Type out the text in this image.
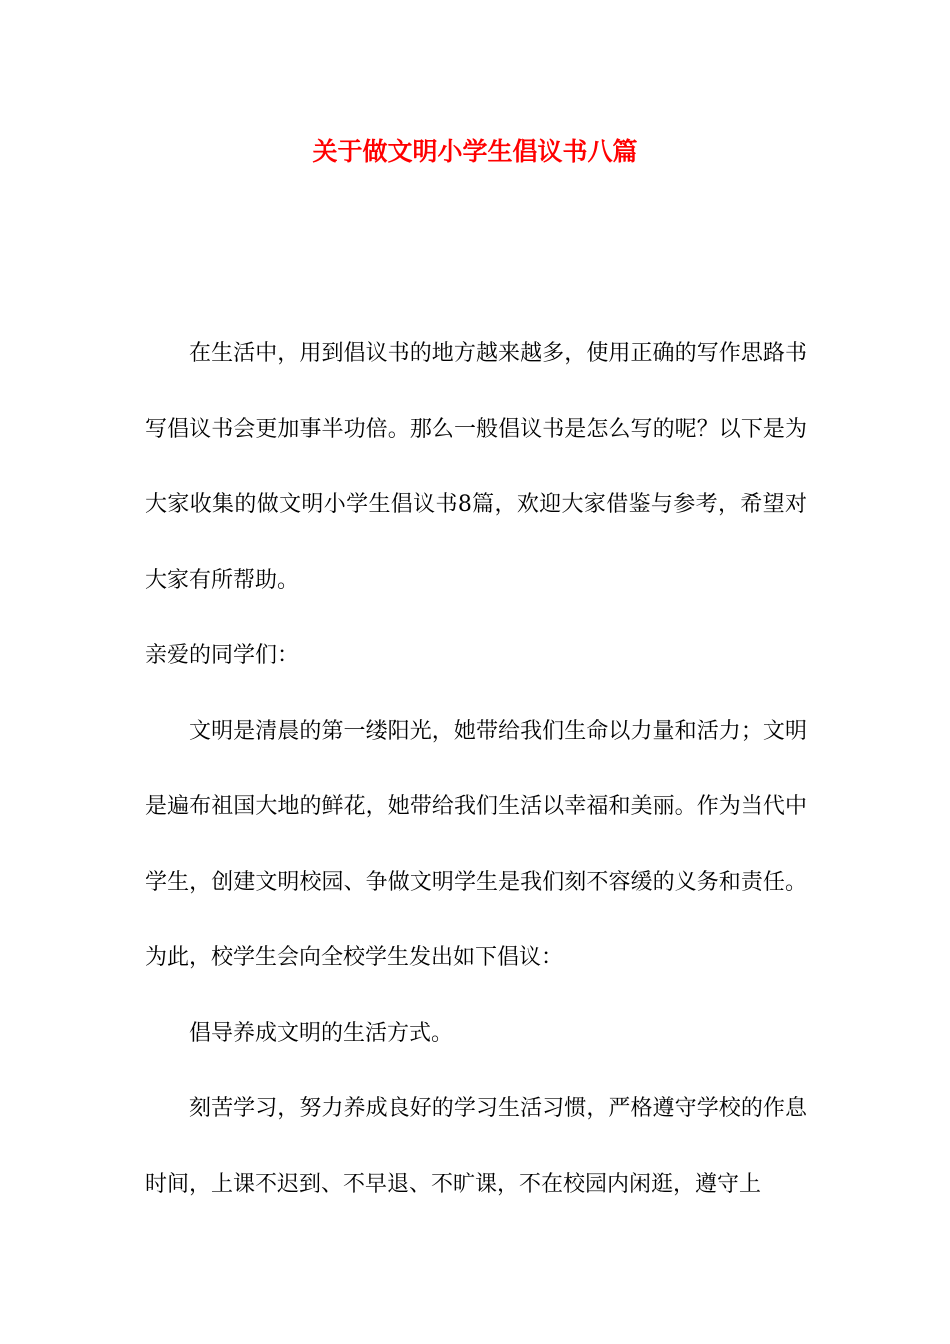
关于做文明小学生倡议书八篇

在生活中，用到倡议书的地方越来越多，使用正确的写作思路书写倡议书会更加事半功倍。那么一般倡议书是怎么写的呢？以下是为大家收集的做文明小学生倡议书8篇，欢迎大家借鉴与参考，希望对大家有所帮助。

亲爱的同学们：

文明是清晨的第一缕阳光，她带给我们生命以力量和活力；文明是遍布祖国大地的鲜花，她带给我们生活以幸福和美丽。作为当代中学生，创建文明校园、争做文明学生是我们刻不容缓的义务和责任。为此，校学生会向全校学生发出如下倡议：

倡导养成文明的生活方式。

刻苦学习，努力养成良好的学习生活习惯，严格遵守学校的作息时间，上课不迟到、不早退、不旷课，不在校园内闲逛，遵守上
